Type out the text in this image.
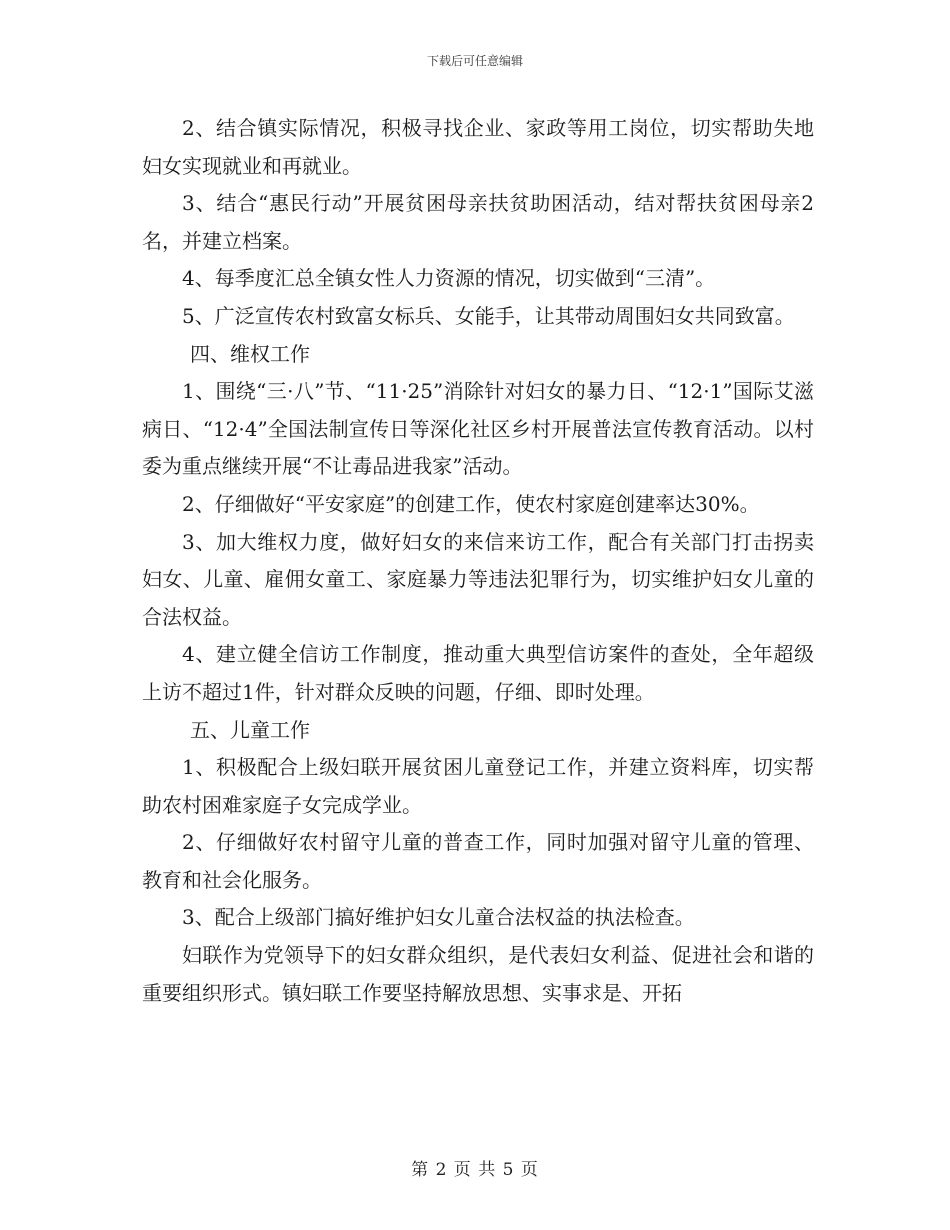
下载后可任意编辑

2、结合镇实际情况，积极寻找企业、家政等用工岗位，切实帮助失地妇女实现就业和再就业。

3、结合“惠民行动”开展贫困母亲扶贫助困活动，结对帮扶贫困母亲2名，并建立档案。

4、每季度汇总全镇女性人力资源的情况，切实做到“三清”。

5、广泛宣传农村致富女标兵、女能手，让其带动周围妇女共同致富。

四、维权工作

1、围绕“三·八”节、“11·25”消除针对妇女的暴力日、“12·1”国际艾滋病日、“12·4”全国法制宣传日等深化社区乡村开展普法宣传教育活动。以村委为重点继续开展“不让毒品进我家”活动。

2、仔细做好“平安家庭”的创建工作，使农村家庭创建率达30%。

3、加大维权力度，做好妇女的来信来访工作，配合有关部门打击拐卖妇女、儿童、雇佣女童工、家庭暴力等违法犯罪行为，切实维护妇女儿童的合法权益。

4、建立健全信访工作制度，推动重大典型信访案件的查处，全年超级上访不超过1件，针对群众反映的问题，仔细、即时处理。

五、儿童工作

1、积极配合上级妇联开展贫困儿童登记工作，并建立资料库，切实帮助农村困难家庭子女完成学业。

2、仔细做好农村留守儿童的普查工作，同时加强对留守儿童的管理、教育和社会化服务。

3、配合上级部门搞好维护妇女儿童合法权益的执法检查。

妇联作为党领导下的妇女群众组织，是代表妇女利益、促进社会和谐的重要组织形式。镇妇联工作要坚持解放思想、实事求是、开拓

第 2 页 共 5 页
